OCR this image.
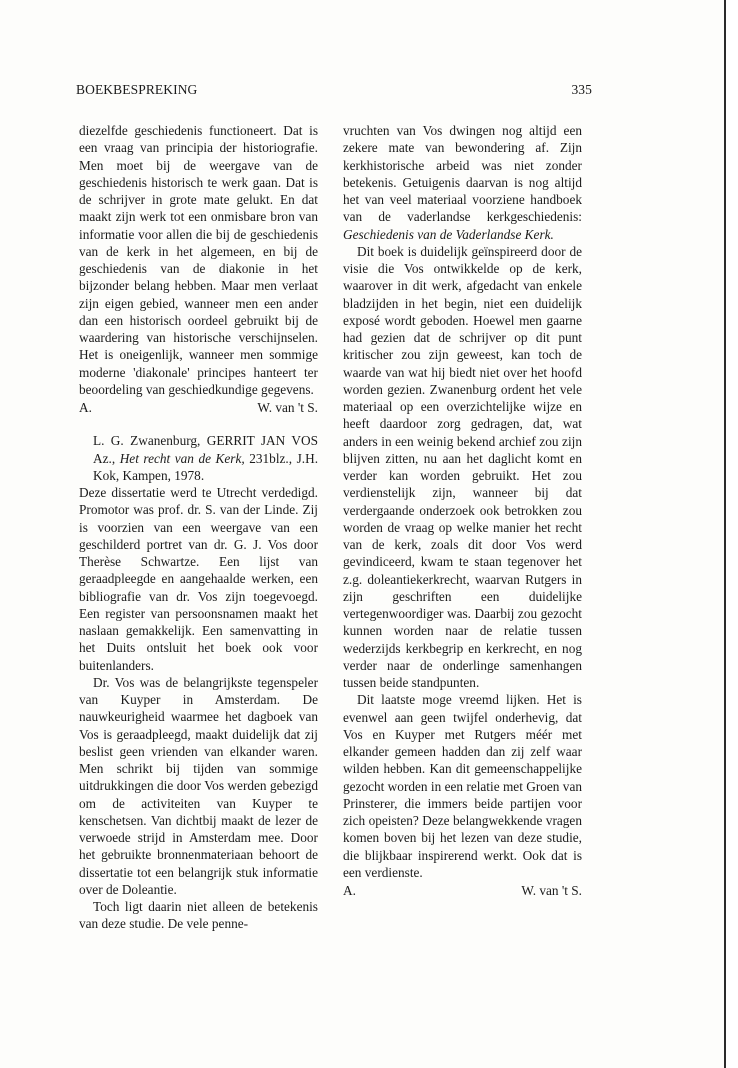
BOEKBESPREKING	335

diezelfde geschiedenis functioneert. Dat is een vraag van principia der historiografie. Men moet bij de weergave van de geschiedenis historisch te werk gaan. Dat is de schrijver in grote mate gelukt. En dat maakt zijn werk tot een onmisbare bron van informatie voor allen die bij de geschiedenis van de kerk in het algemeen, en bij de geschiedenis van de diakonie in het bijzonder belang hebben. Maar men verlaat zijn eigen gebied, wanneer men een ander dan een historisch oordeel gebruikt bij de waardering van historische verschijnselen. Het is oneigenlijk, wanneer men sommige moderne 'diakonale' principes hanteert ter beoordeling van geschiedkundige gegevens.

A.	W. van 't S.
L. G. Zwanenburg, GERRIT JAN VOS Az., Het recht van de Kerk, 231blz., J.H. Kok, Kampen, 1978.

Deze dissertatie werd te Utrecht verdedigd. Promotor was prof. dr. S. van der Linde. Zij is voorzien van een weergave van een geschilderd portret van dr. G. J. Vos door Therèse Schwartze. Een lijst van geraadpleegde en aangehaalde werken, een bibliografie van dr. Vos zijn toegevoegd. Een register van persoonsnamen maakt het naslaan gemakkelijk. Een samenvatting in het Duits ontsluit het boek ook voor buitenlanders.

Dr. Vos was de belangrijkste tegenspeler van Kuyper in Amsterdam. De nauwkeurigheid waarmee het dagboek van Vos is geraadpleegd, maakt duidelijk dat zij beslist geen vrienden van elkander waren. Men schrikt bij tijden van sommige uitdrukkingen die door Vos werden gebezigd om de activiteiten van Kuyper te kenschetsen. Van dichtbij maakt de lezer de verwoede strijd in Amsterdam mee. Door het gebruikte bronnenmateriaan behoort de dissertatie tot een belangrijk stuk informatie over de Doleantie.

Toch ligt daarin niet alleen de betekenis van deze studie. De vele penne-

vruchten van Vos dwingen nog altijd een zekere mate van bewondering af. Zijn kerkhistorische arbeid was niet zonder betekenis. Getuigenis daarvan is nog altijd het van veel materiaal voorziene handboek van de vaderlandse kerkgeschiedenis: Geschiedenis van de Vaderlandse Kerk.

Dit boek is duidelijk geïnspireerd door de visie die Vos ontwikkelde op de kerk, waarover in dit werk, afgedacht van enkele bladzijden in het begin, niet een duidelijk exposé wordt geboden. Hoewel men gaarne had gezien dat de schrijver op dit punt kritischer zou zijn geweest, kan toch de waarde van wat hij biedt niet over het hoofd worden gezien. Zwanenburg ordent het vele materiaal op een overzichtelijke wijze en heeft daardoor zorg gedragen, dat, wat anders in een weinig bekend archief zou zijn blijven zitten, nu aan het daglicht komt en verder kan worden gebruikt. Het zou verdienstelijk zijn, wanneer bij dat verdergaande onderzoek ook betrokken zou worden de vraag op welke manier het recht van de kerk, zoals dit door Vos werd gevindiceerd, kwam te staan tegenover het z.g. doleantiekerkrecht, waarvan Rutgers in zijn geschriften een duidelijke vertegenwoordiger was. Daarbij zou gezocht kunnen worden naar de relatie tussen wederzijds kerkbegrip en kerkrecht, en nog verder naar de onderlinge samenhangen tussen beide standpunten.

Dit laatste moge vreemd lijken. Het is evenwel aan geen twijfel onderhevig, dat Vos en Kuyper met Rutgers méér met elkander gemeen hadden dan zij zelf waar wilden hebben. Kan dit gemeenschappelijke gezocht worden in een relatie met Groen van Prinsterer, die immers beide partijen voor zich opeisten? Deze belangwekkende vragen komen boven bij het lezen van deze studie, die blijkbaar inspirerend werkt. Ook dat is een verdienste.

A.	W. van 't S.
